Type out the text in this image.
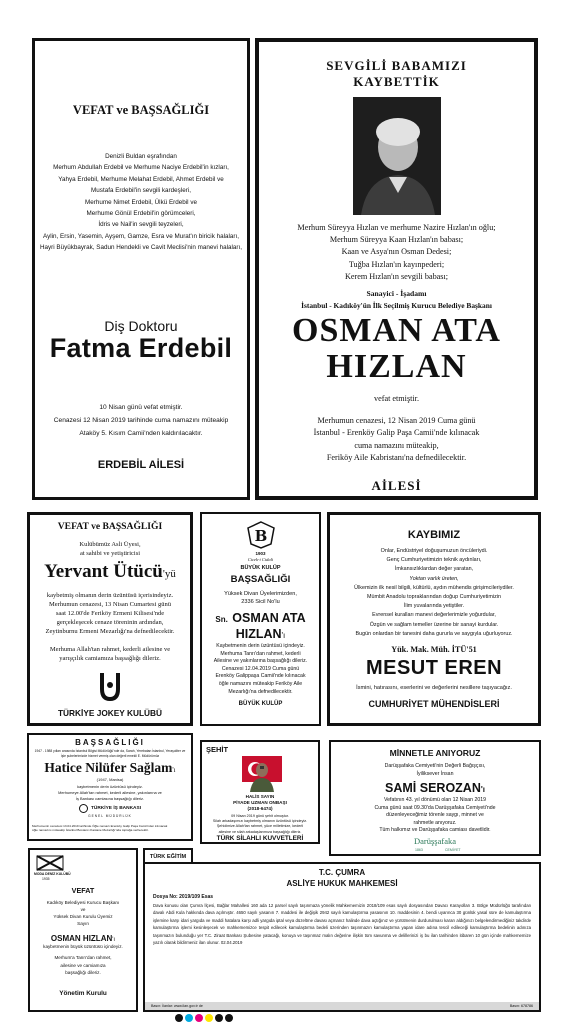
VEFAT ve BAŞSAĞLIĞI
Denizli Buldan eşrafından
Merhum Abdullah Erdebil ve Merhume Naciye Erdebil'in kızları,
Yahya Erdebil, Merhume Melahat Erdebil, Ahmet Erdebil ve
Mustafa Erdebil'in sevgili kardeşleri,
Merhume Nimet Erdebil, Ülkü Erdebil ve
Merhume Gönül Erdebil'in görümceleri,
İdris ve Nail'in sevgili teyzeleri,
Aylin, Ersin, Yasemin, Ayşem, Gamze, Esra ve Murat'ın biricik halaları,
Hayri Büyükbayrak, Sadun Hendekli ve Cavit Meclisi'nin manevi halaları,
Diş Doktoru
Fatma Erdebil
10 Nisan günü vefat etmiştir.
Cenazesi 12 Nisan 2019 tarihinde cuma namazını müteakip
Ataköy 5. Kısım Camii'nden kaldırılacaktır.
ERDEBİL AİLESİ
SEVGİLİ BABAMIZI
KAYBETTİK
Merhum Süreyya Hızlan ve merhume Nazire Hızlan'ın oğlu;
Merhum Süreyya Kaan Hızlan'ın babası;
Kaan ve Asya'nın Osman Dedesi;
Tuğba Hızlan'ın kayınpederi;
Kerem Hızlan'ın sevgili babası;
Sanayici - İşadamı
İstanbul - Kadıköy'ün İlk Seçilmiş Kurucu Belediye Başkanı
OSMAN ATA
HIZLAN
vefat etmiştir.
Merhumun cenazesi, 12 Nisan 2019 Cuma günü
İstanbul - Erenköy Galip Paşa Camii'nde kılınacak
cuma namazını müteakip,
Feriköy Aile Kabristanı'na defnedilecektir.
AİLESİ
VEFAT ve BAŞSAĞLIĞI
Kulübümüz Asli Üyesi,
at sahibi ve yetiştiricisi
Yervant Ütücü'yü
kaybetmiş olmanın derin üzüntüsü içerisindeyiz.
Merhumun cenazesi, 13 Nisan Cumartesi günü
saat 12.00'de Feriköy Ermeni Kilisesi'nde
gerçekleşecek cenaze töreninin ardından,
Zeytinburnu Ermeni Mezarlığı'na defnedilecektir.
Merhuma Allah'tan rahmet, kederli ailesine ve
yarışçılık camiamıza başsağlığı dileriz.
TÜRKİYE JOKEY KULÜBÜ
B
1903
Cicek-i Cidali
BÜYÜK KULÜP
BAŞSAĞLIĞI
Yüksek Divan Üyelerimizden,
2336 Sicil No'lu
Sn. OSMAN ATA
HIZLAN'ı
Kaybetmenin derin üzüntüsü içindeyiz.
Merhuma Tanrı'dan rahmet, kederli
Ailesine ve yakınlarına başsağlığı dileriz.
Cenazesi 12.04.2019 Cuma günü
Erenköy Galippaşa Camii'nde kılınacak
öğle namazını müteakip Feriköy Aile
Mezarlığı'na defnedilecektir.
BÜYÜK KULÜP
KAYBIMIZ
Onlar, Endüstriyel doğuşumuzun öncüleriydi.
Genç Cumhuriyetimizin teknik aydınları,
İmkansızlıklardan değer yaratan,
Yoktan varlık üreten,
Ülkemizin ilk nesil bilgili, kültürlü, aydın mühendis girişimcileriydiler.
Mümbit Anadolu topraklarından doğup Cumhuriyetimizin
İlim yuvalarında yetiştiler.
Evrensel kuralları manevi değerlerimizle yoğurdular,
Özgün ve sağlam temeller üzerine bir sanayi kurdular.
Bugün onlardan bir tanesini daha gururla ve saygıyla uğurluyoruz.
Yük. Mak. Müh. İTÜ'51
MESUT EREN
İsmini, hatırasını, eserlerini ve değerlerini nesillere taşıyacağız.
CUMHURİYET MÜHENDİSLERİ
BAŞSAĞLIĞI
1947 - 1988 yılları arasında İstanbul Bilgisi Müdürlüğü'nde da, Sarah, Yerebatan İstanbul, Yeraşoliter ve
İşle şubelerimizde hizmet vermiş olan değerli emekli E. Müdürümüz
Hatice Nilüfer Sağlam'ı
(1947, Manisa)
kaybetmenin derin üzüntüsü içindeyiz.
Merhumeye Allah'tan rahmet, kederli ailesine, yakınlarına ve
İş Bankası camiasına başsağlığı dileriz.
TÜRKİYE İŞ BANKASI
GENEL MÜDÜRLÜK
Merhumenin cenazesi 13.04.2019 tarihinde Öğle namazı Erenköy Galip Paşa Camii'nden kılınacak
öğle namazını müteakip İstanbul Bostancı Kastane Mezarlığı'nda toprağa verilecektir.
ŞEHİT
HALİS SAYIN
PİYADE UZMAN ONBAŞI
(2018-6474)
09 Nisan 2019 günü şehit olmuştur.
Silah arkadaşımızı kaybetmiş olmanın üzüntüsü içindeyiz.
Şehidimize Allah'tan rahmet, yüce milletimize, kederli
ailesine ve silah arkadaşlarımıza başsağlığı dileriz.
TÜRK SİLAHLI KUVVETLERİ
MİNNETLE ANIYORUZ
Darüşşafaka Cemiyeti'nin Değerli Bağışçısı,
İyiliksever İnsan
SAMİ SEROZAN'ı
Vefatının 43. yıl dönümü olan 12 Nisan 2019
Cuma günü saat 09.30'da Darüşşafaka Cemiyeti'nde
düzenleyeceğimiz törenle saygı, minnet ve
rahmetle anıyoruz.
Tüm halkımız ve Darüşşafaka camiası davetlidir.
Darüşşafaka
1863	CEMİYET
MODA DENİZ KULÜBÜ
1935
VEFAT
Kadıköy Belediyesi Kurucu Başkanı
ve
Yüksek Divan Kurulu Üyemiz
Sayın
OSMAN HIZLAN'ı
kaybetmenin büyük üzüntüsü içindeyiz.
Merhum'a Tanrı'dan rahmet,
ailesine ve camiamıza
başsağlığı dileriz.
Yönetim Kurulu
TÜRK EĞİTİM
T.C. ÇUMRA
ASLİYE HUKUK MAHKEMESİ
Dosya No: 2019/109 Esas
Dava konusu olan Çumra İlçesi, Bağlar Mahallesi 160 ada 12 parsel sayılı taşınmaza yönelik Mahkememizin 2018/109 esas sayılı dosyasından Davacı Karayolları 3. Bölge Müdürlüğü tarafından davalı Abdi Kula hakkında dava açılmıştır. 4650 sayılı yasanın 7. maddesi ile değişik 2942 sayılı kamulaştırma yasasının 10. maddesinin 4. bendi uyarınca 30 günlük yasal süre de kamulaştırma işlemine karşı idari yargıda ve maddi hatalara karşı adli yargıda iptal veya düzeltme davası açmanız halinde dava açtığınız ve yürütmenin durdurulması kararı aldığınızı belgelendirmediğiniz takdirde kamulaştırma işlemi kesinleşecek ve mahkememizce tespit edilecek kamulaştırma bedeli üzerinden taşınmazın kamulaştırma yapan idare adına tescil edileceği kamulaştırma bedelinin adınıza taşınmazın bulunduğu yer T.C. Ziraat Bankası Şubesine yatacağı, konuya ve taşınmaz malın değerine ilişkin tüm savunma ve delillerinizi iş bu ilan tarihinden itibaren 10 gün içinde mahkememize yazılı olarak bildirmeniz ilan olunur. 02.04.2019
Basın: İlanlar: www.ilan.gov.tr de	Basın: 678786
